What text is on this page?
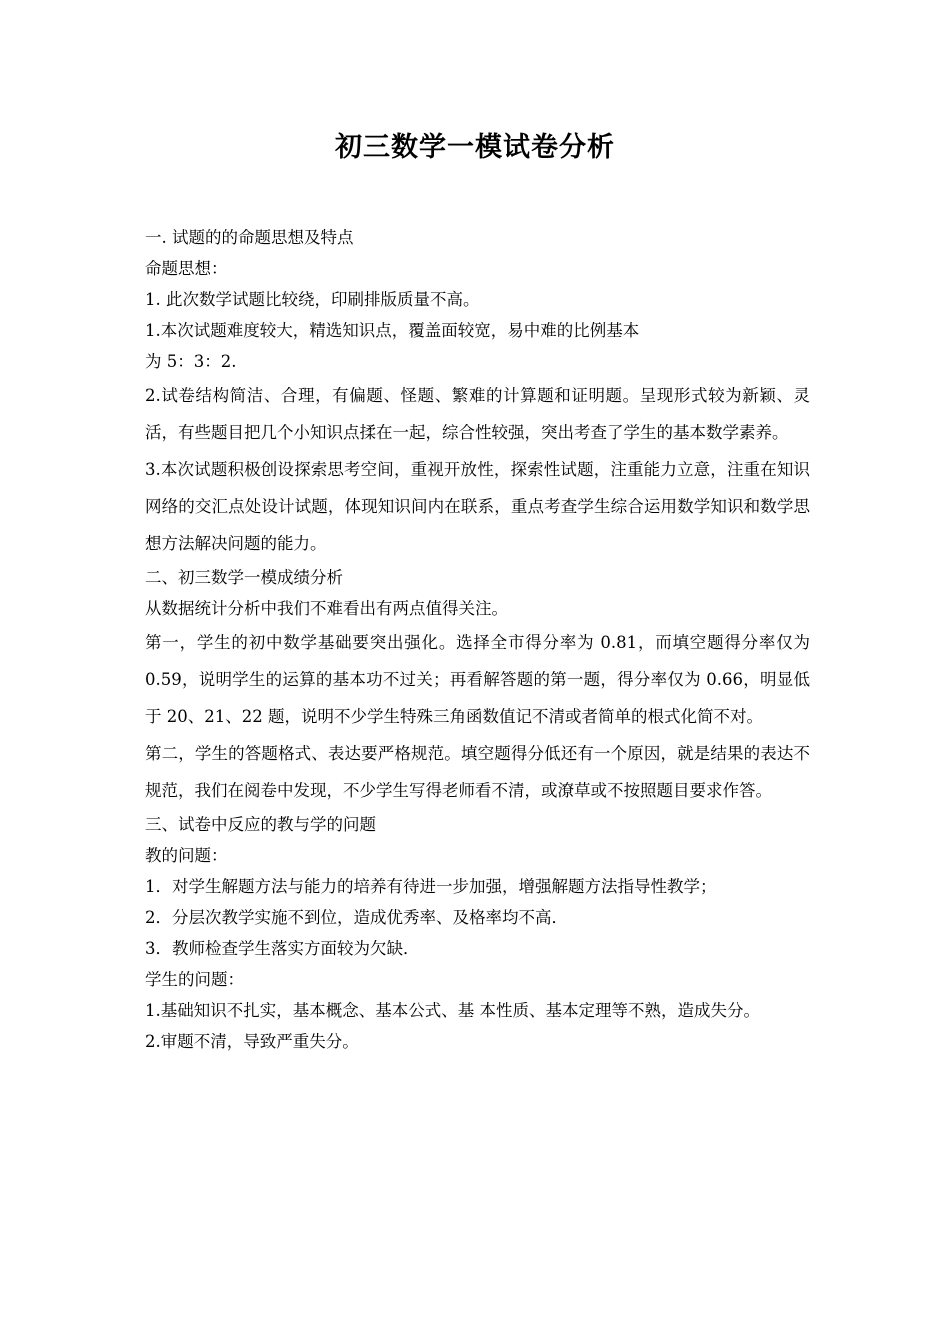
初三数学一模试卷分析
一. 试题的的命题思想及特点
命题思想：
1. 此次数学试题比较绕，印刷排版质量不高。
1.本次试题难度较大，精选知识点，覆盖面较宽，易中难的比例基本
为 5：3：2.

2.试卷结构简洁、合理，有偏题、怪题、繁难的计算题和证明题。呈现形式较为新颖、灵活，有些题目把几个小知识点揉在一起，综合性较强，突出考查了学生的基本数学素养。

3.本次试题积极创设探索思考空间，重视开放性，探索性试题，注重能力立意，注重在知识网络的交汇点处设计试题，体现知识间内在联系，重点考查学生综合运用数学知识和数学思想方法解决问题的能力。

二、初三数学一模成绩分析
从数据统计分析中我们不难看出有两点值得关注。

第一，学生的初中数学基础要突出强化。选择全市得分率为 0.81，而填空题得分率仅为 0.59，说明学生的运算的基本功不过关；再看解答题的第一题，得分率仅为 0.66，明显低于 20、21、22 题，说明不少学生特殊三角函数值记不清或者简单的根式化简不对。

第二，学生的答题格式、表达要严格规范。填空题得分低还有一个原因，就是结果的表达不规范，我们在阅卷中发现，不少学生写得老师看不清，或潦草或不按照题目要求作答。

三、试卷中反应的教与学的问题
教的问题：
1．对学生解题方法与能力的培养有待进一步加强，增强解题方法指导性教学；
2．分层次教学实施不到位，造成优秀率、及格率均不高．
3．教师检查学生落实方面较为欠缺．
学生的问题：
1.基础知识不扎实，基本概念、基本公式、基 本性质、基本定理等不熟，造成失分。
2.审题不清，导致严重失分。
